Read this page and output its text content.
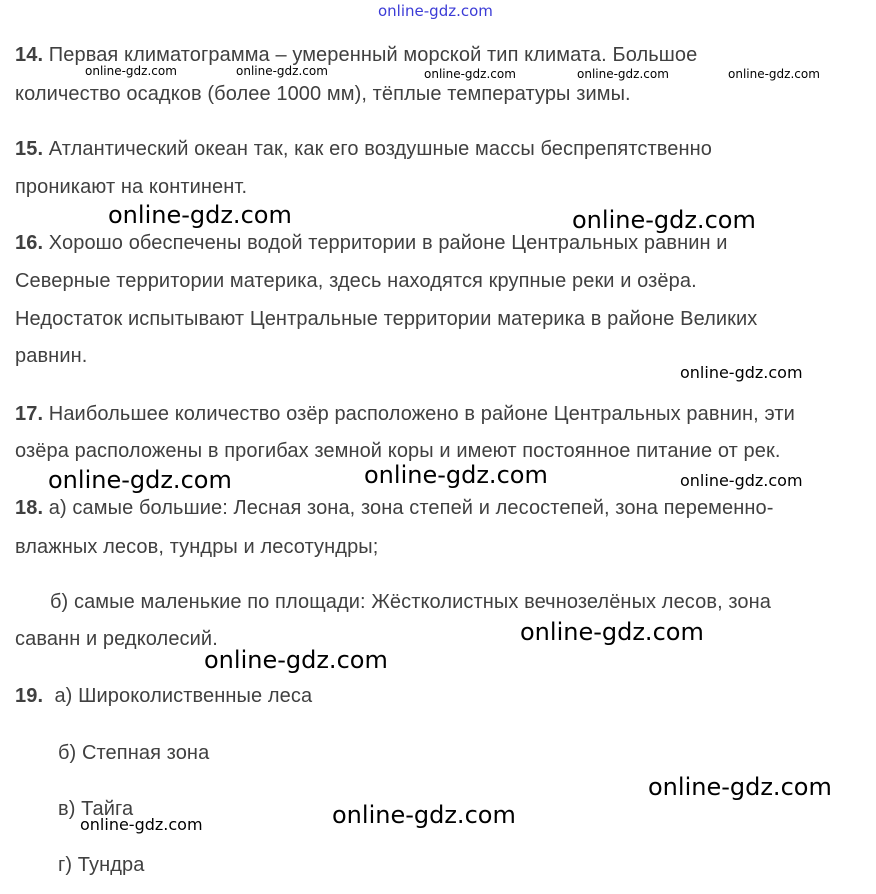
online-gdz.com
14. Первая климатограмма – умеренный морской тип климата. Большое
количество осадков (более 1000 мм), тёплые температуры зимы.
15. Атлантический океан так, как его воздушные массы беспрепятственно
проникают на континент.
16. Хорошо обеспечены водой территории в районе Центральных равнин и
Северные территории материка, здесь находятся крупные реки и озёра.
Недостаток испытывают Центральные территории материка в районе Великих
равнин.
17. Наибольшее количество озёр расположено в районе Центральных равнин, эти
озёра расположены в прогибах земной коры и имеют постоянное питание от рек.
18. а) самые большие: Лесная зона, зона степей и лесостепей, зона переменно-
влажных лесов, тундры и лесотундры;
б) самые маленькие по площади: Жёстколистных вечнозелёных лесов, зона
саванн и редколесий.
19. а) Широколиственные леса
б) Степная зона
в) Тайга
г) Тундра
online-gdz.com	online-gdz.com	online-gdz.com	online-gdz.com	online-gdz.com
online-gdz.com	online-gdz.com
online-gdz.com
online-gdz.com	online-gdz.com	online-gdz.com
online-gdz.com
online-gdz.com
online-gdz.com
online-gdz.com
online-gdz.com
